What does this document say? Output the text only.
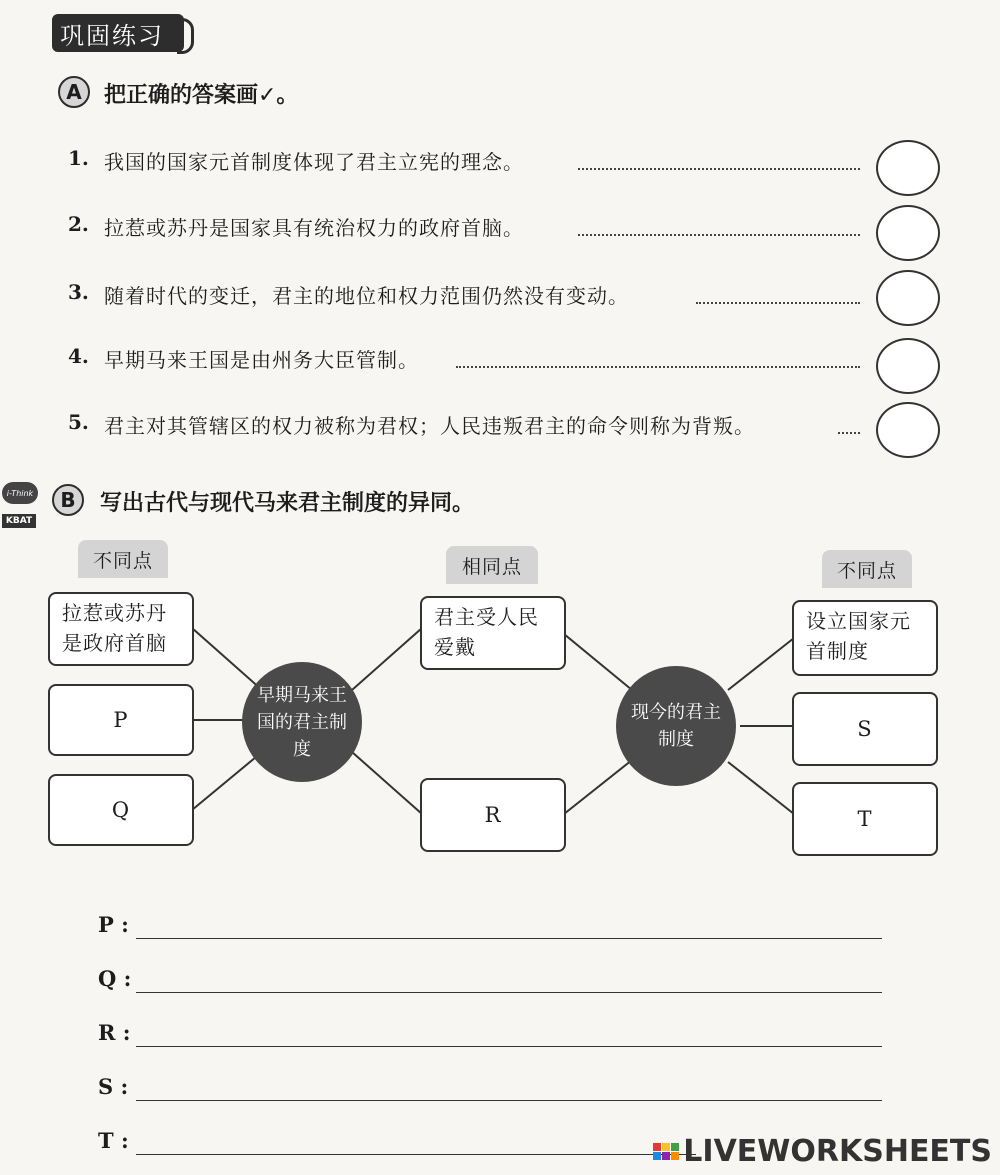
巩固练习
A 把正确的答案画✓。
1. 我国的国家元首制度体现了君主立宪的理念。
2. 拉惹或苏丹是国家具有统治权力的政府首脑。
3. 随着时代的变迁，君主的地位和权力范围仍然没有变动。
4. 早期马来王国是由州务大臣管制。
5. 君主对其管辖区的权力被称为君权；人民违叛君主的命令则称为背叛。
i-Think
KBAT
B 写出古代与现代马来君主制度的异同。
不同点	相同点	不同点
拉惹或苏丹是政府首脑
P
Q
早期马来王国的君主制度
君主受人民爱戴
R
现今的君主制度
设立国家元首制度
S
T
P :
Q :
R :
S :
T :	LIVEWORKSHEETS
